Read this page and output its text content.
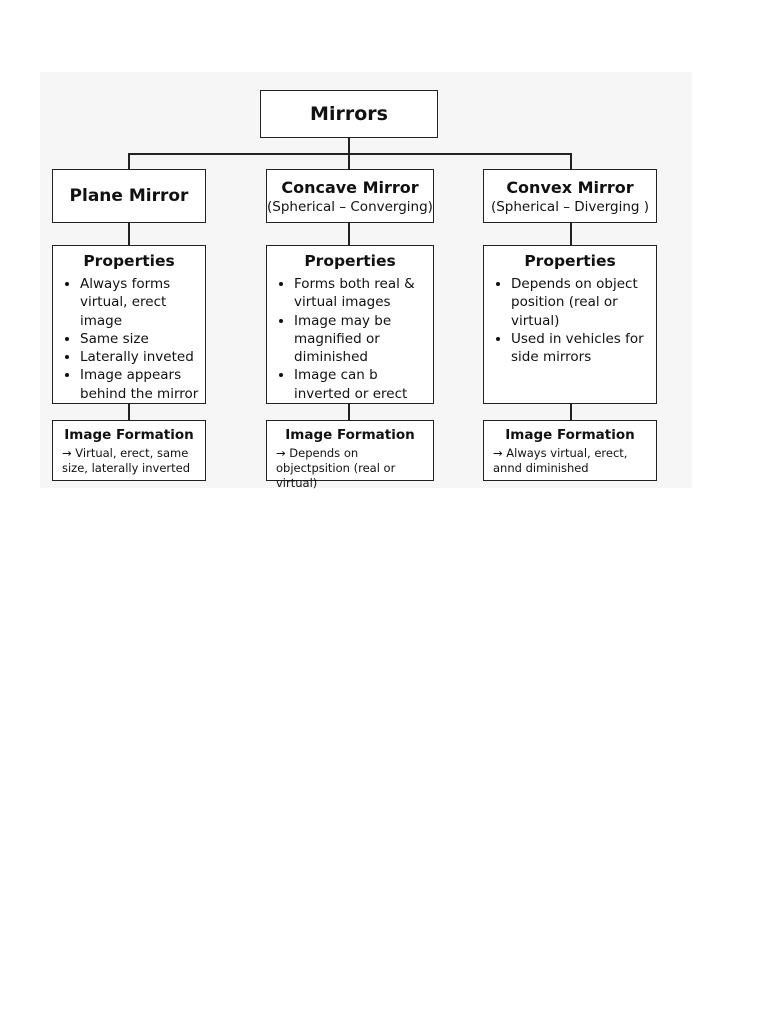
Mirrors
Plane Mirror
Properties
• Always forms virtual, erect image
• Same size
• Laterally inveted
• Image appears behind the mirror
Image Formation
→ Virtual, erect, same size, laterally inverted
Concave Mirror
(Spherical – Converging)
Properties
• Forms both real & virtual images
• Image may be magnified or diminished
• Image can b inverted or erect
Image Formation
→ Depends on objectpsition (real or virtual)
Convex Mirror
(Spherical – Diverging )
Properties
• Depends on object position (real or virtual)
• Used in vehicles for side mirrors
Image Formation
→ Always virtual, erect, annd diminished
